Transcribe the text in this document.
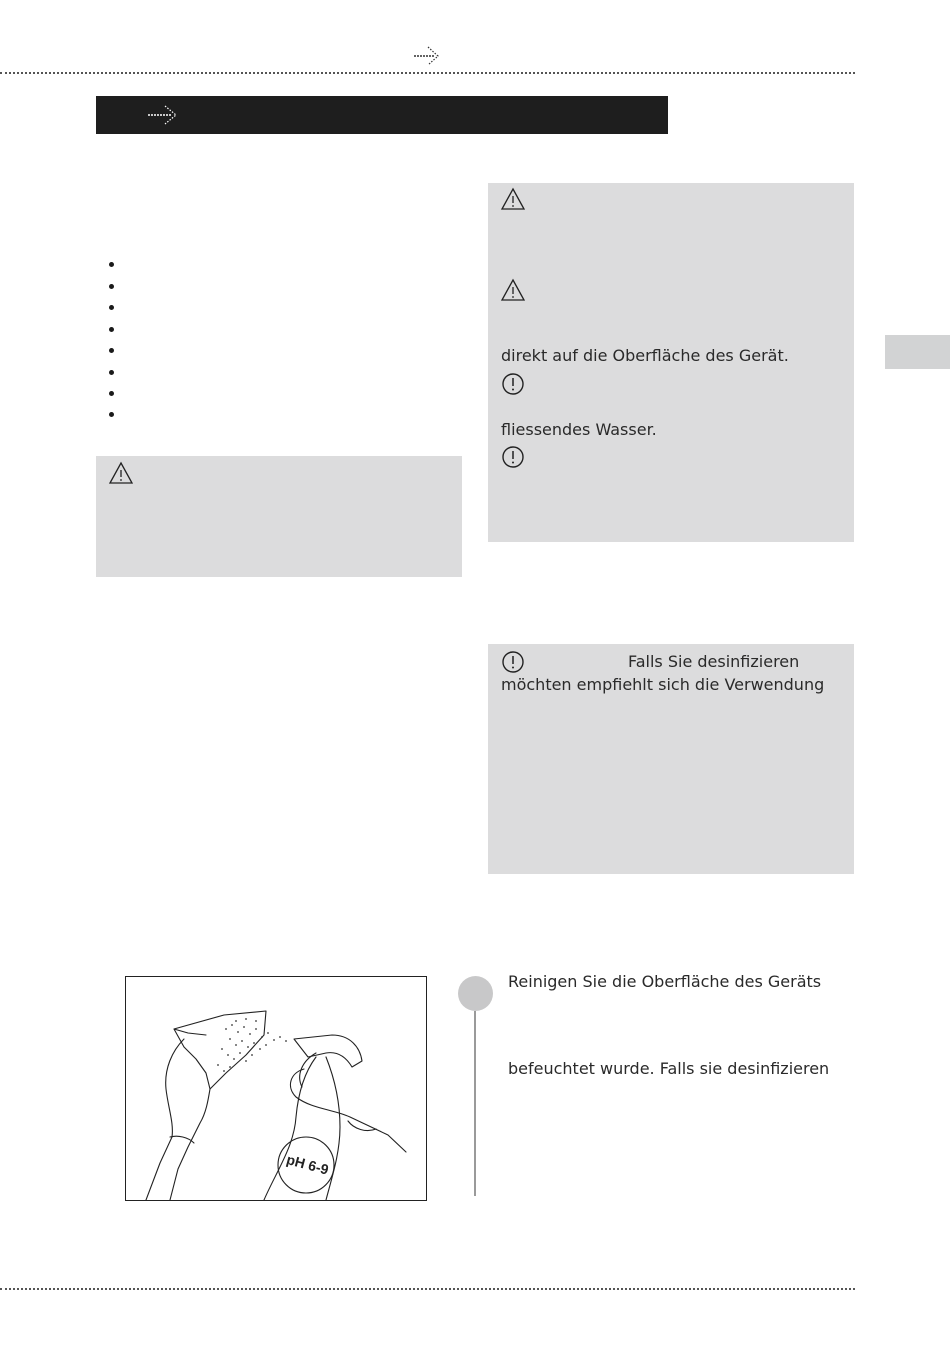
direkt auf die Oberfläche des Gerät.
fliessendes Wasser.
Falls Sie desinfizieren
möchten empfiehlt sich die Verwendung
pH 6-9
Reinigen Sie die Oberfläche des Geräts
befeuchtet wurde. Falls sie desinfizieren
